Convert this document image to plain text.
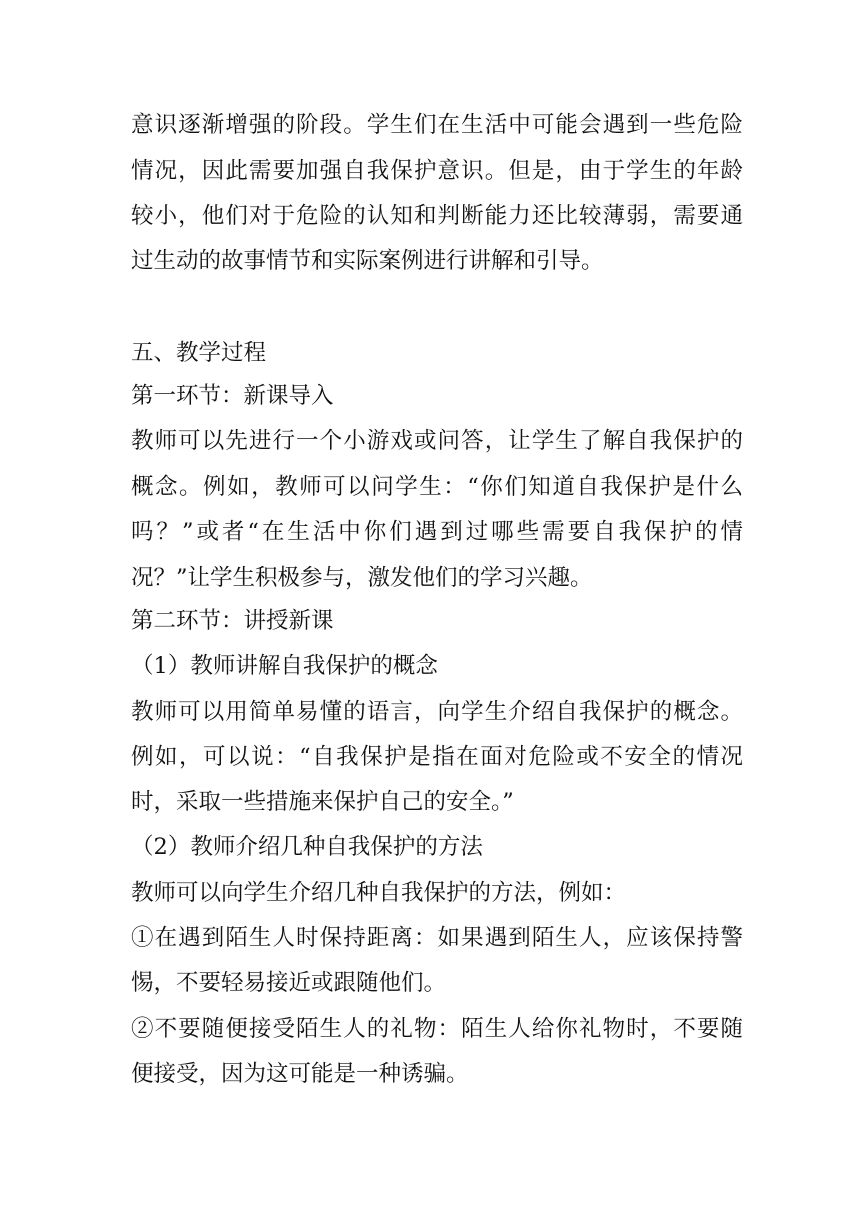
意识逐渐增强的阶段。学生们在生活中可能会遇到一些危险
情况，因此需要加强自我保护意识。但是，由于学生的年龄
较小，他们对于危险的认知和判断能力还比较薄弱，需要通
过生动的故事情节和实际案例进行讲解和引导。
五、教学过程
第一环节：新课导入
教师可以先进行一个小游戏或问答，让学生了解自我保护的
概念。例如，教师可以问学生：“你们知道自我保护是什么
吗？”或者“在生活中你们遇到过哪些需要自我保护的情
况？”让学生积极参与，激发他们的学习兴趣。
第二环节：讲授新课
（1）教师讲解自我保护的概念
教师可以用简单易懂的语言，向学生介绍自我保护的概念。
例如，可以说：“自我保护是指在面对危险或不安全的情况
时，采取一些措施来保护自己的安全。”
（2）教师介绍几种自我保护的方法
教师可以向学生介绍几种自我保护的方法，例如：
①在遇到陌生人时保持距离：如果遇到陌生人，应该保持警
惕，不要轻易接近或跟随他们。
②不要随便接受陌生人的礼物：陌生人给你礼物时，不要随
便接受，因为这可能是一种诱骗。
